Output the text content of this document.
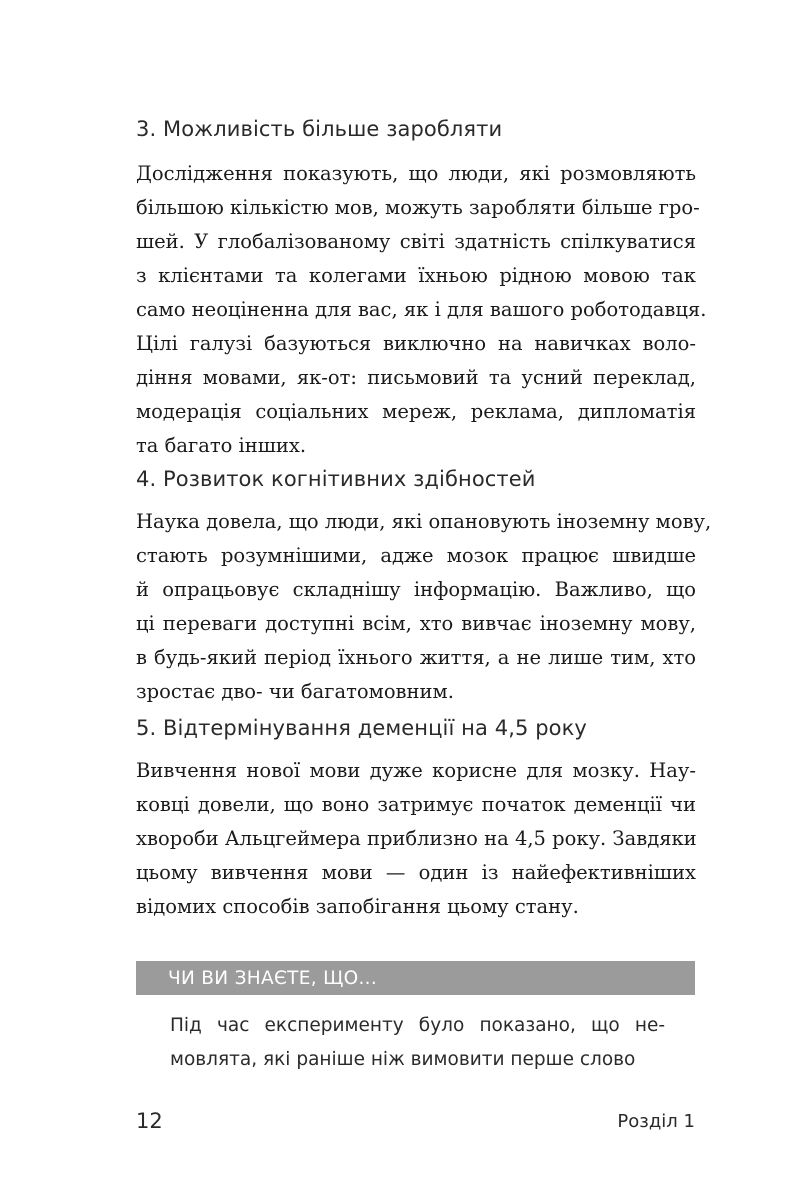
3. Можливість більше заробляти
Дослідження показують, що люди, які розмовляють
більшою кількістю мов, можуть заробляти більше гро-
шей. У глобалізованому світі здатність спілкуватися
з клієнтами та колегами їхньою рідною мовою так
само неоціненна для вас, як і для вашого роботодавця.
Цілі галузі базуються виключно на навичках воло-
діння мовами, як-от: письмовий та усний переклад,
модерація соціальних мереж, реклама, дипломатія
та багато інших.
4. Розвиток когнітивних здібностей
Наука довела, що люди, які опановують іноземну мову,
стають розумнішими, адже мозок працює швидше
й опрацьовує складнішу інформацію. Важливо, що
ці переваги доступні всім, хто вивчає іноземну мову,
в будь-який період їхнього життя, а не лише тим, хто
зростає дво- чи багатомовним.
5. Відтермінування деменції на 4,5 року
Вивчення нової мови дуже корисне для мозку. Нау-
ковці довели, що воно затримує початок деменції чи
хвороби Альцгеймера приблизно на 4,5 року. Завдяки
цьому вивчення мови — один із найефективніших
відомих способів запобігання цьому стану.
ЧИ ВИ ЗНАЄТЕ, ЩО...
Під час експерименту було показано, що не-
мовлята, які раніше ніж вимовити перше слово
12	Розділ 1
